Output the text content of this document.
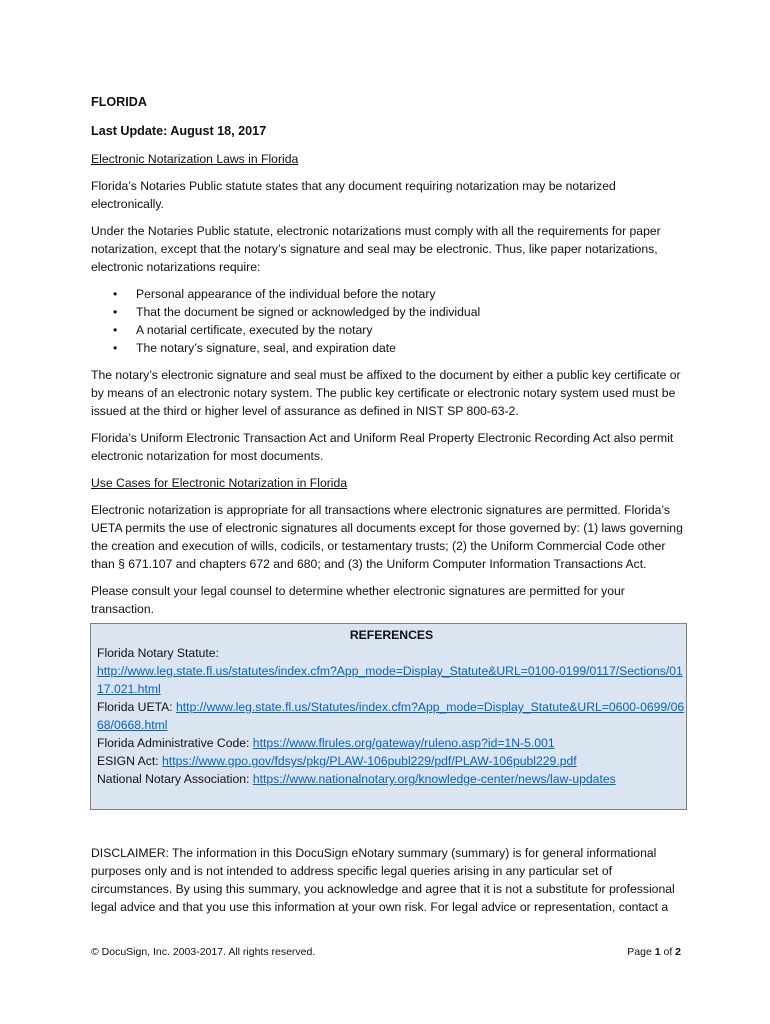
FLORIDA
Last Update: August 18, 2017
Electronic Notarization Laws in Florida

Florida’s Notaries Public statute states that any document requiring notarization may be notarized electronically.

Under the Notaries Public statute, electronic notarizations must comply with all the requirements for paper notarization, except that the notary’s signature and seal may be electronic. Thus, like paper notarizations, electronic notarizations require:

• Personal appearance of the individual before the notary
• That the document be signed or acknowledged by the individual
• A notarial certificate, executed by the notary
• The notary’s signature, seal, and expiration date

The notary’s electronic signature and seal must be affixed to the document by either a public key certificate or by means of an electronic notary system. The public key certificate or electronic notary system used must be issued at the third or higher level of assurance as defined in NIST SP 800-63-2.

Florida’s Uniform Electronic Transaction Act and Uniform Real Property Electronic Recording Act also permit electronic notarization for most documents.

Use Cases for Electronic Notarization in Florida

Electronic notarization is appropriate for all transactions where electronic signatures are permitted. Florida’s UETA permits the use of electronic signatures all documents except for those governed by: (1) laws governing the creation and execution of wills, codicils, or testamentary trusts; (2) the Uniform Commercial Code other than § 671.107 and chapters 672 and 680; and (3) the Uniform Computer Information Transactions Act.

Please consult your legal counsel to determine whether electronic signatures are permitted for your transaction.

REFERENCES
Florida Notary Statute:
http://www.leg.state.fl.us/statutes/index.cfm?App_mode=Display_Statute&URL=0100-0199/0117/Sections/0117.021.html
Florida UETA: http://www.leg.state.fl.us/Statutes/index.cfm?App_mode=Display_Statute&URL=0600-0699/0668/0668.html
Florida Administrative Code: https://www.flrules.org/gateway/ruleno.asp?id=1N-5.001
ESIGN Act: https://www.gpo.gov/fdsys/pkg/PLAW-106publ229/pdf/PLAW-106publ229.pdf
National Notary Association: https://www.nationalnotary.org/knowledge-center/news/law-updates

DISCLAIMER: The information in this DocuSign eNotary summary (summary) is for general informational purposes only and is not intended to address specific legal queries arising in any particular set of circumstances. By using this summary, you acknowledge and agree that it is not a substitute for professional legal advice and that you use this information at your own risk. For legal advice or representation, contact a

© DocuSign, Inc. 2003-2017. All rights reserved.	Page 1 of 2
